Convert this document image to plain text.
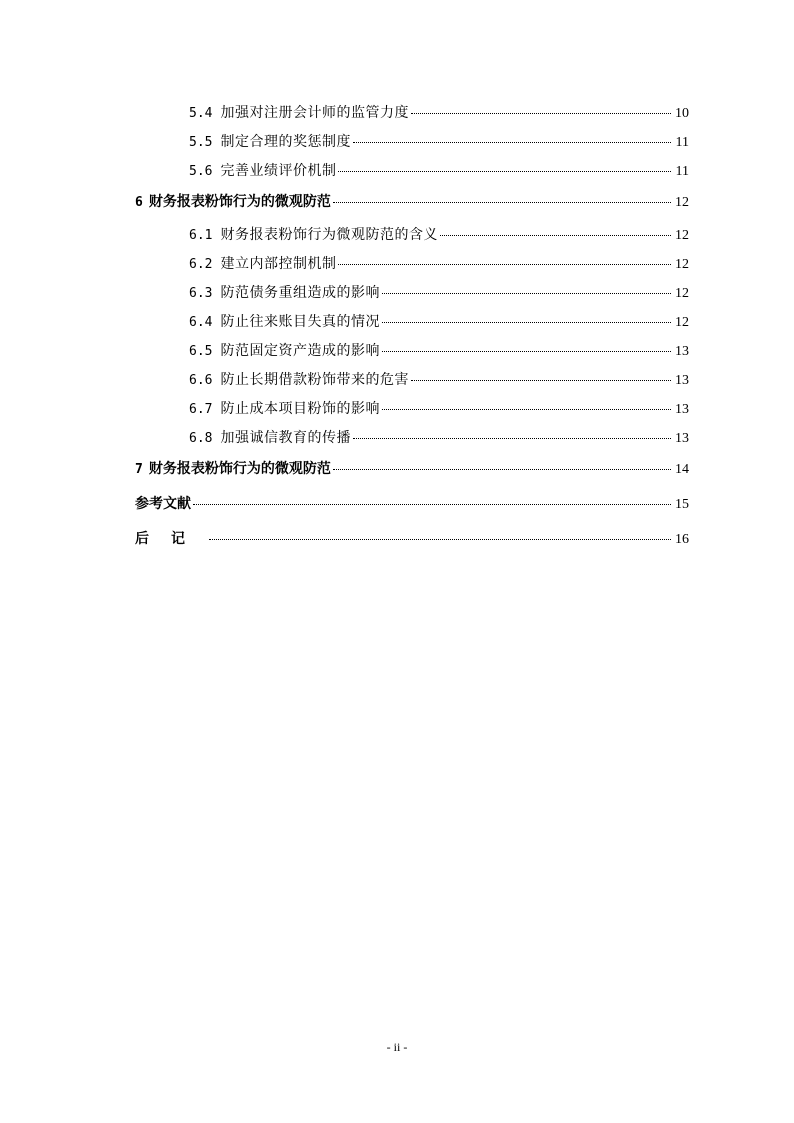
5.4 加强对注册会计师的监管力度	10
5.5 制定合理的奖惩制度	11
5.6 完善业绩评价机制	11
6 财务报表粉饰行为的微观防范	12
6.1 财务报表粉饰行为微观防范的含义	12
6.2 建立内部控制机制	12
6.3 防范债务重组造成的影响	12
6.4 防止往来账目失真的情况	12
6.5 防范固定资产造成的影响	13
6.6 防止长期借款粉饰带来的危害	13
6.7 防止成本项目粉饰的影响	13
6.8 加强诚信教育的传播	13
7 财务报表粉饰行为的微观防范	14
参考文献	15
后记	16
- ii -
